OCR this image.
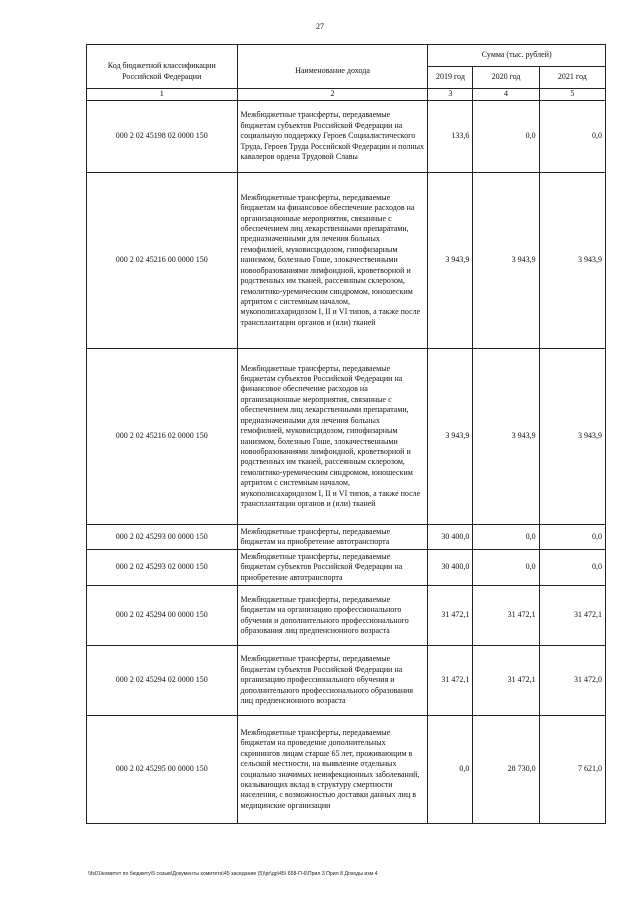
27
Код бюджетной классификации Российской Федерации	Наименование дохода	Сумма (тыс. рублей)		
		2019 год	2020 год	2021 год
1	2	3	4	5
000 2 02 45198 02 0000 150	Межбюджетные трансферты, передаваемые бюджетам субъектов Российской Федерации на социальную поддержку Героев Социалистического Труда, Героев Труда Российской Федерации и полных кавалеров ордена Трудовой Славы	133,6	0,0	0,0
000 2 02 45216 00 0000 150	Межбюджетные трансферты, передаваемые бюджетам на финансовое обеспечение расходов на организационные мероприятия, связанные с обеспечением лиц лекарственными препаратами, предназначенными для лечения больных гемофилией, муковисцидозом, гипофизарным нанизмом, болезнью Гоше, злокачественными новообразованиями лимфоидной, кроветворной и родственных им тканей, рассеянным склерозом, гемолитико-уремическим синдромом, юношеским артритом с системным началом, мукополисахаридозом I, II и VI типов, а также после трансплантации органов и (или) тканей	3 943,9	3 943,9	3 943,9
000 2 02 45216 02 0000 150	Межбюджетные трансферты, передаваемые бюджетам субъектов Российской Федерации на финансовое обеспечение расходов на организационные мероприятия, связанные с обеспечением лиц лекарственными препаратами, предназначенными для лечения больных гемофилией, муковисцидозом, гипофизарным нанизмом, болезнью Гоше, злокачественными новообразованиями лимфоидной, кроветворной и родственных им тканей, рассеянным склерозом, гемолитико-уремическим синдромом, юношеским артритом с системным началом, мукополисахаридозом I, II и VI типов, а также после трансплантации органов и (или) тканей	3 943,9	3 943,9	3 943,9
000 2 02 45293 00 0000 150	Межбюджетные трансферты, передаваемые бюджетам на приобретение автотранспорта	30 400,0	0,0	0,0
000 2 02 45293 02 0000 150	Межбюджетные трансферты, передаваемые бюджетам субъектов Российской Федерации на приобретение автотранспорта	30 400,0	0,0	0,0
000 2 02 45294 00 0000 150	Межбюджетные трансферты, передаваемые бюджетам на организацию профессионального обучения и дополнительного профессионального образования лиц предпенсионного возраста	31 472,1	31 472,1	31 472,1
000 2 02 45294 02 0000 150	Межбюджетные трансферты, передаваемые бюджетам субъектов Российской Федерации на организацию профессионального обучения и дополнительного профессионального образования лиц предпенсионного возраста	31 472,1	31 472,1	31 472,0
000 2 02 45295 00 0000 150	Межбюджетные трансферты, передаваемые бюджетам на проведение дополнительных скринингов лицам старше 65 лет, проживающим в сельской местности, на выявление отдельных социально значимых неинфекционных заболеваний, оказывающих вклад в структуру смертности населения, с возможностью доставки данных лиц в медицинские организации	0,0	28 730,0	7 621,0
\\fs01\комитет по бюджету\5 созыв\Документы комитета\45 заседание (5)\рг\др\45\ 658-П-6\Прил 3 Прил 8 Доходы изм 4
